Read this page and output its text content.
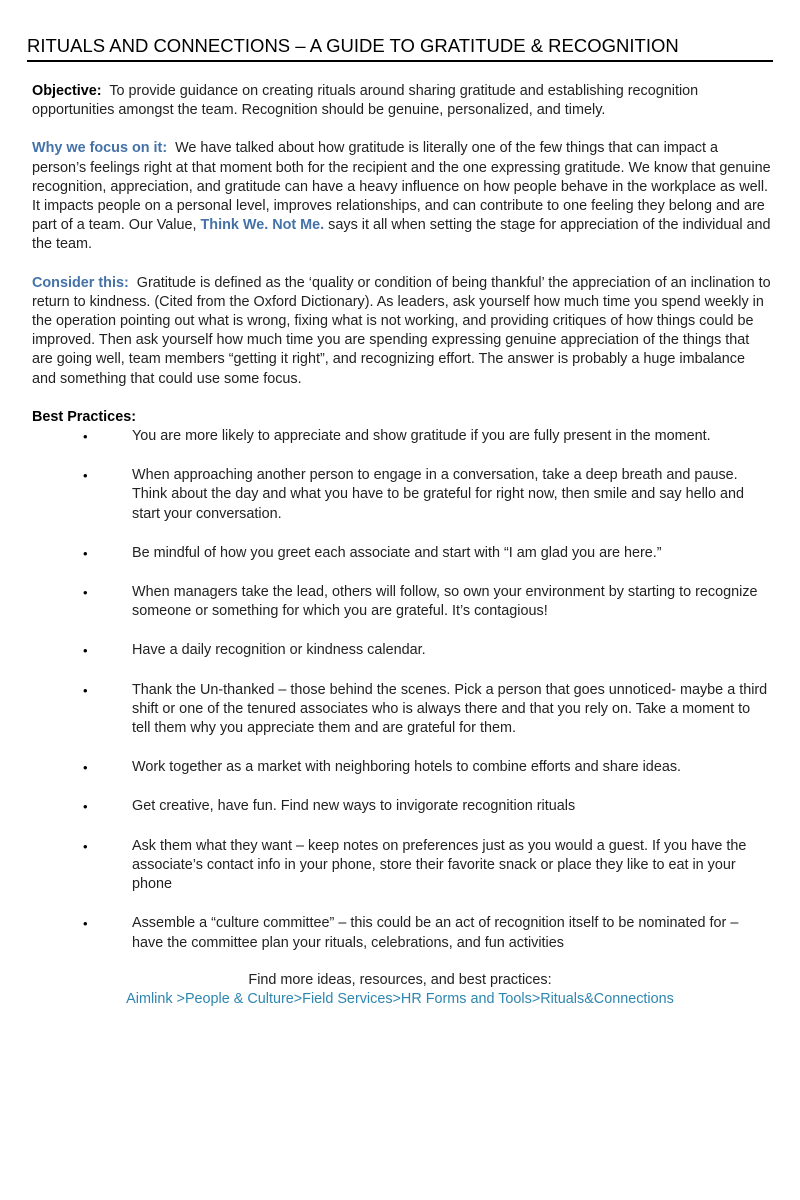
RITUALS AND CONNECTIONS – A GUIDE TO GRATITUDE & RECOGNITION

Objective: To provide guidance on creating rituals around sharing gratitude and establishing recognition opportunities amongst the team. Recognition should be genuine, personalized, and timely.

Why we focus on it: We have talked about how gratitude is literally one of the few things that can impact a person’s feelings right at that moment both for the recipient and the one expressing gratitude. We know that genuine recognition, appreciation, and gratitude can have a heavy influence on how people behave in the workplace as well. It impacts people on a personal level, improves relationships, and can contribute to one feeling they belong and are part of a team. Our Value, Think We. Not Me. says it all when setting the stage for appreciation of the individual and the team.

Consider this: Gratitude is defined as the ‘quality or condition of being thankful’ the appreciation of an inclination to return to kindness. (Cited from the Oxford Dictionary). As leaders, ask yourself how much time you spend weekly in the operation pointing out what is wrong, fixing what is not working, and providing critiques of how things could be improved. Then ask yourself how much time you are spending expressing genuine appreciation of the things that are going well, team members “getting it right”, and recognizing effort. The answer is probably a huge imbalance and something that could use some focus.

Best Practices:
•	You are more likely to appreciate and show gratitude if you are fully present in the moment.
•	When approaching another person to engage in a conversation, take a deep breath and pause. Think about the day and what you have to be grateful for right now, then smile and say hello and start your conversation.
•	Be mindful of how you greet each associate and start with “I am glad you are here.”
•	When managers take the lead, others will follow, so own your environment by starting to recognize someone or something for which you are grateful. It’s contagious!
•	Have a daily recognition or kindness calendar.
•	Thank the Un-thanked – those behind the scenes. Pick a person that goes unnoticed- maybe a third shift or one of the tenured associates who is always there and that you rely on. Take a moment to tell them why you appreciate them and are grateful for them.
•	Work together as a market with neighboring hotels to combine efforts and share ideas.
•	Get creative, have fun. Find new ways to invigorate recognition rituals
•	Ask them what they want – keep notes on preferences just as you would a guest. If you have the associate’s contact info in your phone, store their favorite snack or place they like to eat in your phone
•	Assemble a “culture committee” – this could be an act of recognition itself to be nominated for – have the committee plan your rituals, celebrations, and fun activities
Find more ideas, resources, and best practices:
Aimlink >People & Culture>Field Services>HR Forms and Tools>Rituals&Connections
